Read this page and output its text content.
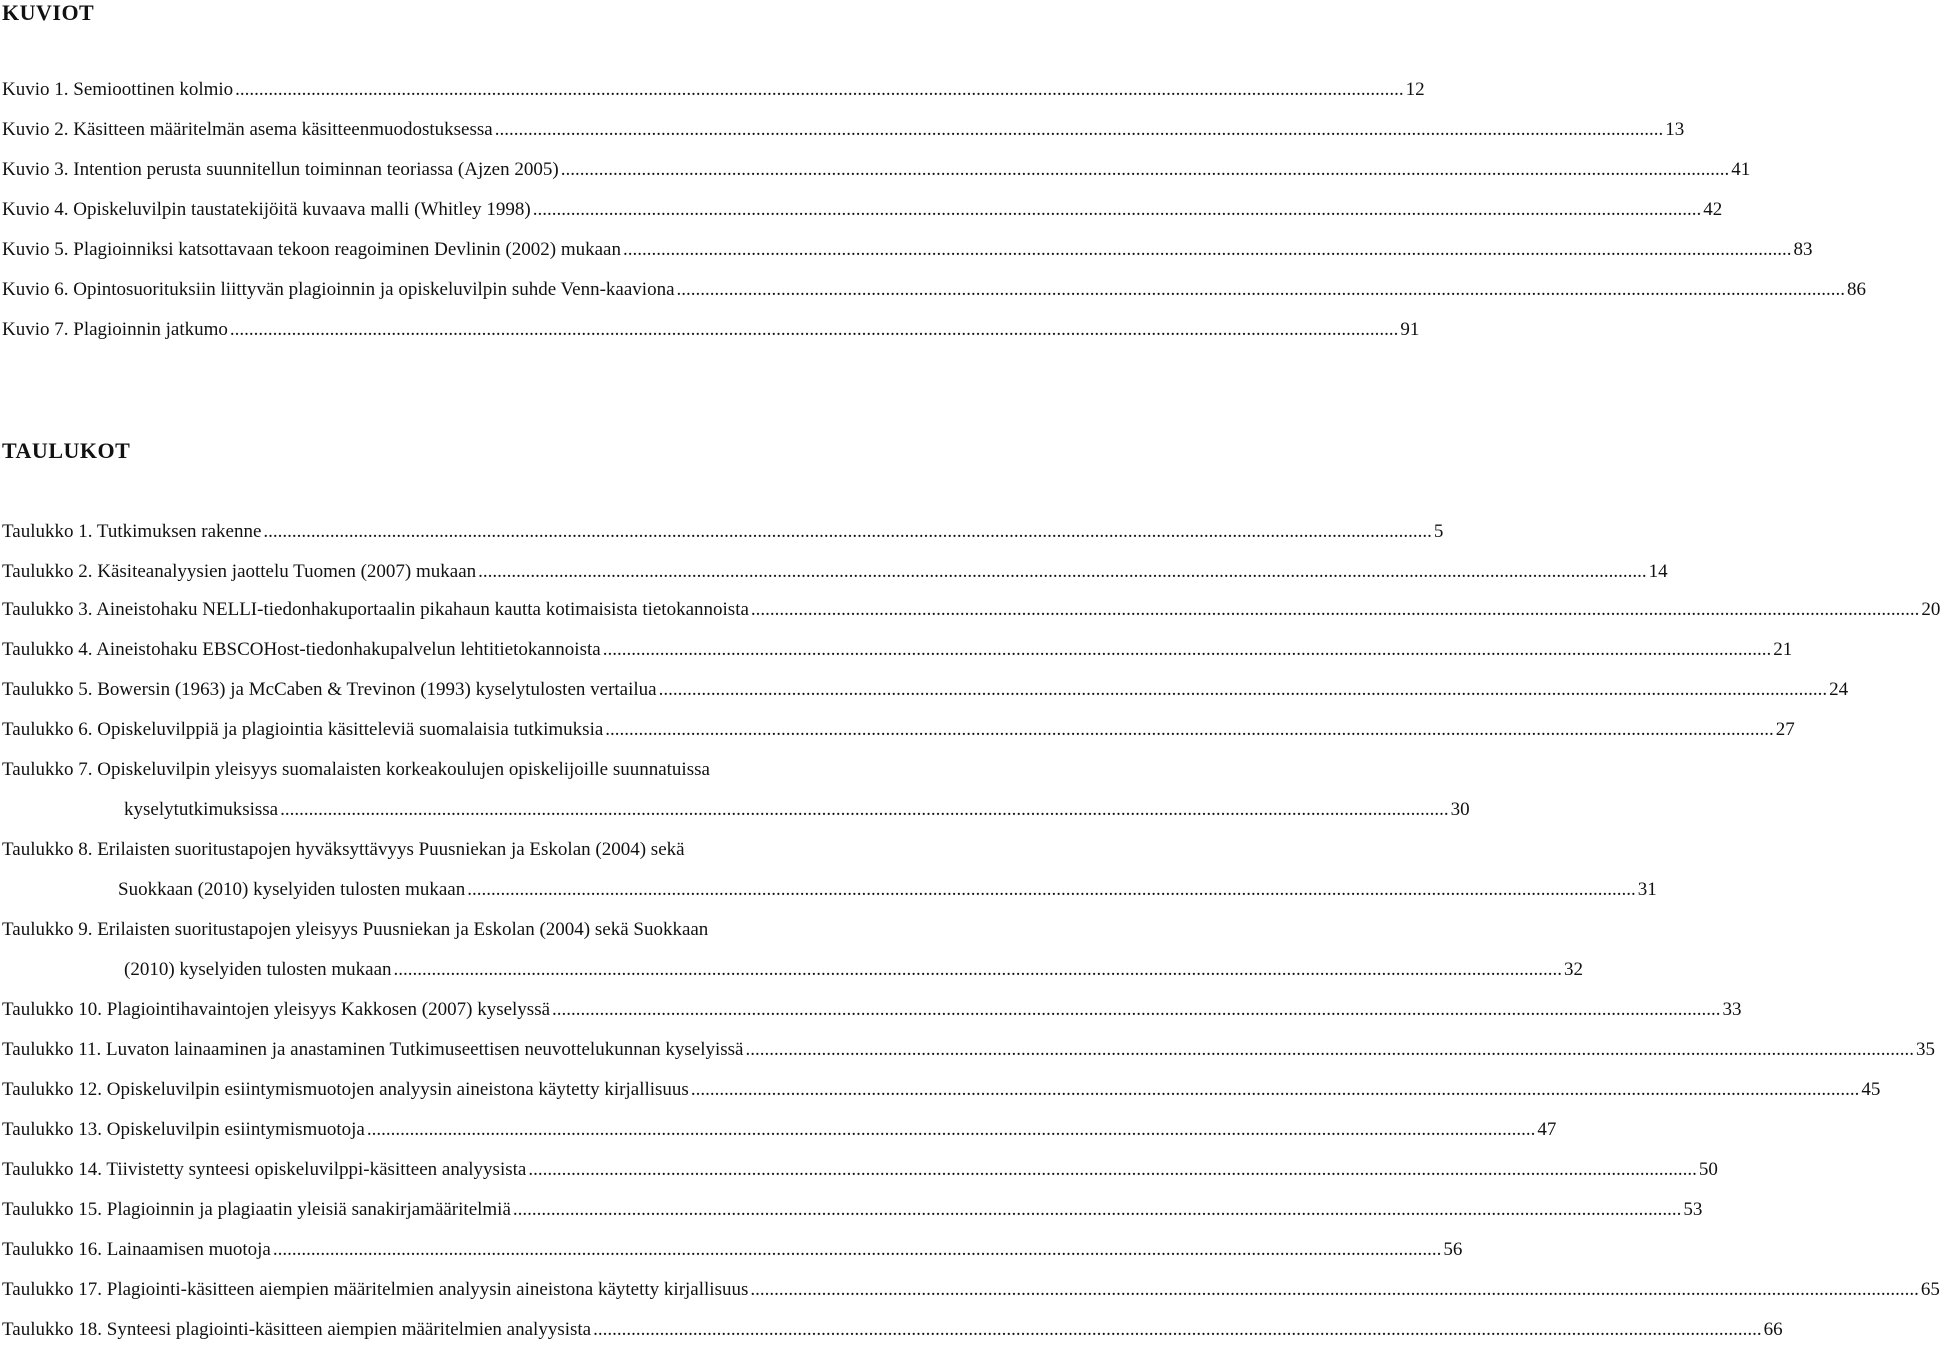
KUVIOT
Kuvio 1. Semioottinen kolmio .....	12
Kuvio 2. Käsitteen määritelmän asema käsitteenmuodostuksessa .....	13
Kuvio 3. Intention perusta suunnitellun toiminnan teoriassa (Ajzen 2005) .....	41
Kuvio 4. Opiskeluvilpin taustatekijöitä kuvaava malli (Whitley 1998) .....	42
Kuvio 5. Plagioinniksi katsottavaan tekoon reagoiminen Devlinin (2002) mukaan .....	83
Kuvio 6. Opintosuorituksiin liittyvän plagioinnin ja opiskeluvilpin suhde Venn-kaaviona .....	86
Kuvio 7. Plagioinnin jatkumo .....	91
TAULUKOT
Taulukko 1. Tutkimuksen rakenne .....	5
Taulukko 2. Käsiteanalyysien jaottelu Tuomen (2007) mukaan .....	14
Taulukko 3. Aineistohaku NELLI-tiedonhakuportaalin pikahaun kautta kotimaisista tietokannoista .....	20
Taulukko 4. Aineistohaku EBSCOHost-tiedonhakupalvelun lehtitietokannoista .....	21
Taulukko 5. Bowersin (1963) ja McCaben & Trevinon (1993) kyselytulosten vertailua .....	24
Taulukko 6. Opiskeluvilppiä ja plagiointia käsitteleviä suomalaisia tutkimuksia .....	27
Taulukko 7. Opiskeluvilpin yleisyys suomalaisten korkeakoulujen opiskelijoille suunnatuissa
kyselytutkimuksissa .....	30
Taulukko 8. Erilaisten suoritustapojen hyväksyttävyys Puusniekan ja Eskolan (2004) sekä
Suokkaan (2010) kyselyiden tulosten mukaan .....	31
Taulukko 9. Erilaisten suoritustapojen yleisyys Puusniekan ja Eskolan (2004) sekä Suokkaan
(2010) kyselyiden tulosten mukaan .....	32
Taulukko 10. Plagiointihavaintojen yleisyys Kakkosen (2007) kyselyssä .....	33
Taulukko 11. Luvaton lainaaminen ja anastaminen Tutkimuseettisen neuvottelukunnan kyselyissä .....	35
Taulukko 12. Opiskeluvilpin esiintymismuotojen analyysin aineistona käytetty kirjallisuus .....	45
Taulukko 13. Opiskeluvilpin esiintymismuotoja .....	47
Taulukko 14. Tiivistetty synteesi opiskeluvilppi-käsitteen analyysista .....	50
Taulukko 15. Plagioinnin ja plagiaatin yleisiä sanakirjamääritelmiä .....	53
Taulukko 16. Lainaamisen muotoja .....	56
Taulukko 17. Plagiointi-käsitteen aiempien määritelmien analyysin aineistona käytetty kirjallisuus .....	65
Taulukko 18. Synteesi plagiointi-käsitteen aiempien määritelmien analyysista .....	66
